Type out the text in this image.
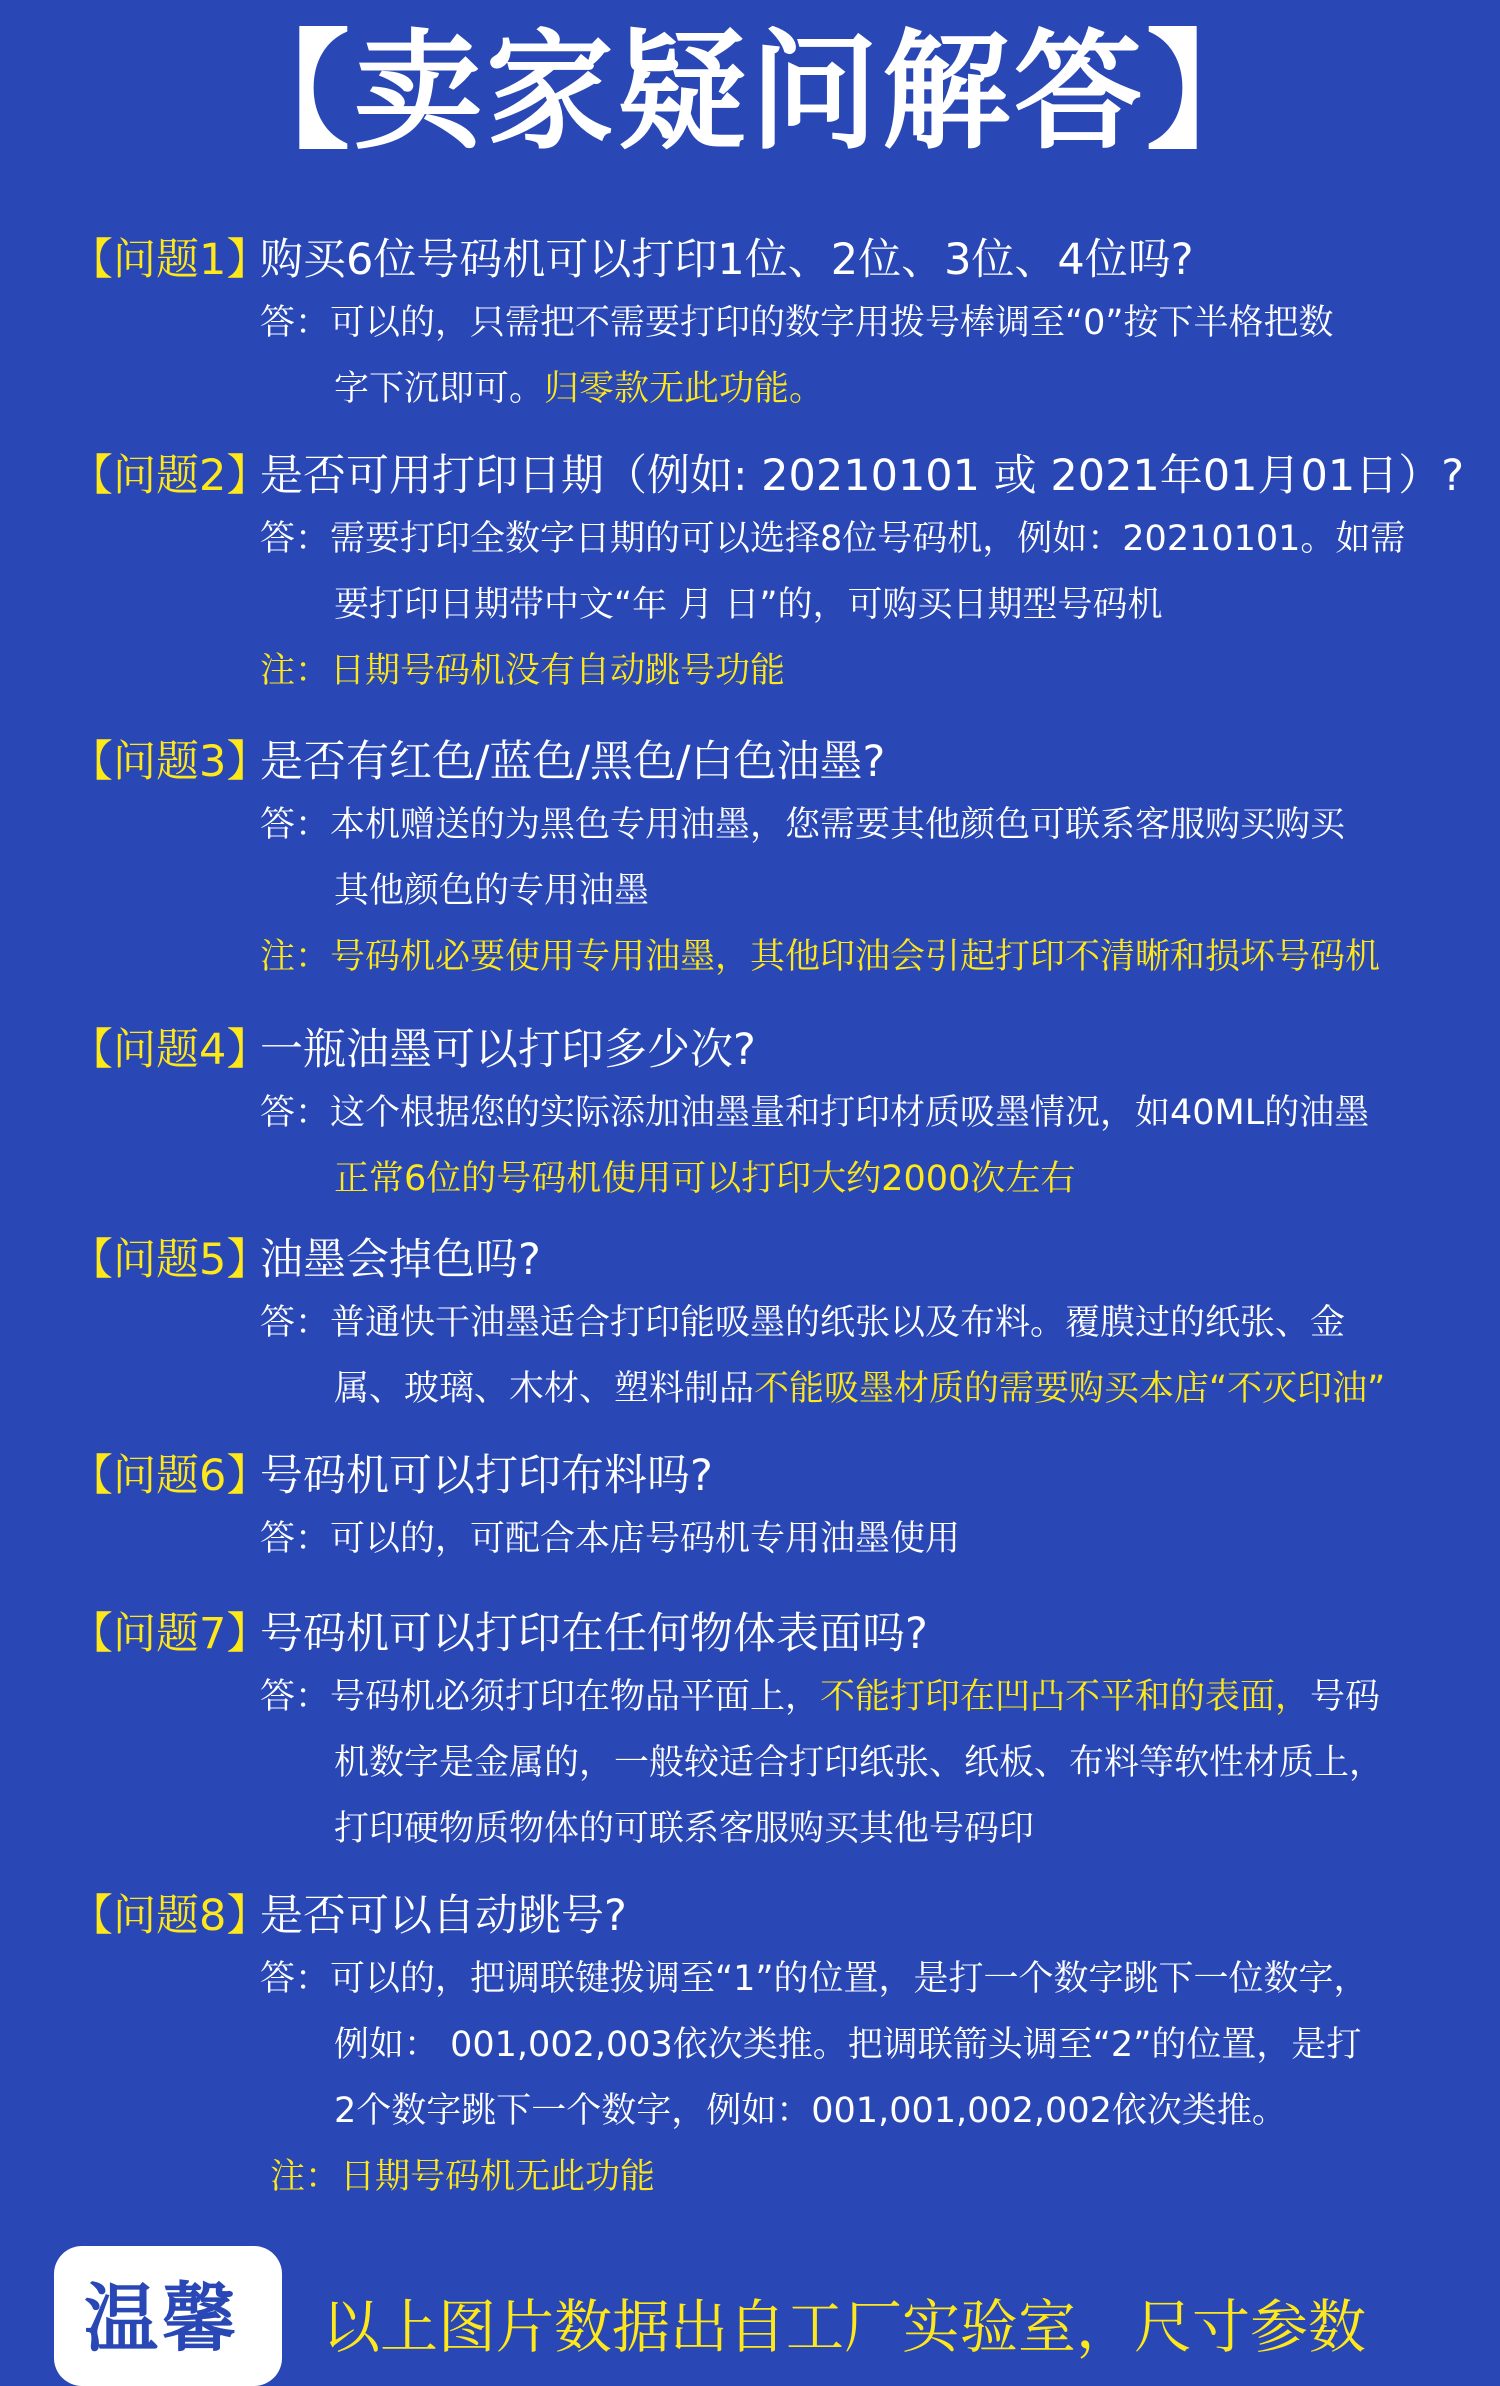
【卖家疑问解答】
【问题1】
购买6位号码机可以打印1位、2位、3位、4位吗?
答：可以的，只需把不需要打印的数字用拨号棒调至“0”按下半格把数
字下沉即可。归零款无此功能。
【问题2】
是否可用打印日期（例如: 20210101 或 2021年01月01日）?
答：需要打印全数字日期的可以选择8位号码机，例如：20210101。如需
要打印日期带中文“年 月 日”的，可购买日期型号码机
注：日期号码机没有自动跳号功能
【问题3】
是否有红色/蓝色/黑色/白色油墨?
答：本机赠送的为黑色专用油墨，您需要其他颜色可联系客服购买购买
其他颜色的专用油墨
注：号码机必要使用专用油墨，其他印油会引起打印不清晰和损坏号码机
【问题4】
一瓶油墨可以打印多少次?
答：这个根据您的实际添加油墨量和打印材质吸墨情况，如40ML的油墨
正常6位的号码机使用可以打印大约2000次左右
【问题5】
油墨会掉色吗?
答：普通快干油墨适合打印能吸墨的纸张以及布料。覆膜过的纸张、金
属、玻璃、木材、塑料制品不能吸墨材质的需要购买本店“不灭印油”
【问题6】
号码机可以打印布料吗?
答：可以的，可配合本店号码机专用油墨使用
【问题7】
号码机可以打印在任何物体表面吗?
答：号码机必须打印在物品平面上，不能打印在凹凸不平和的表面，号码
机数字是金属的，一般较适合打印纸张、纸板、布料等软性材质上，
打印硬物质物体的可联系客服购买其他号码印
【问题8】
是否可以自动跳号?
答：可以的，把调联键拨调至“1”的位置，是打一个数字跳下一位数字，
例如： 001,002,003依次类推。把调联箭头调至“2”的位置，是打
2个数字跳下一个数字，例如：001,001,002,002依次类推。
注：日期号码机无此功能
温馨 以上图片数据出自工厂实验室，尺寸参数
